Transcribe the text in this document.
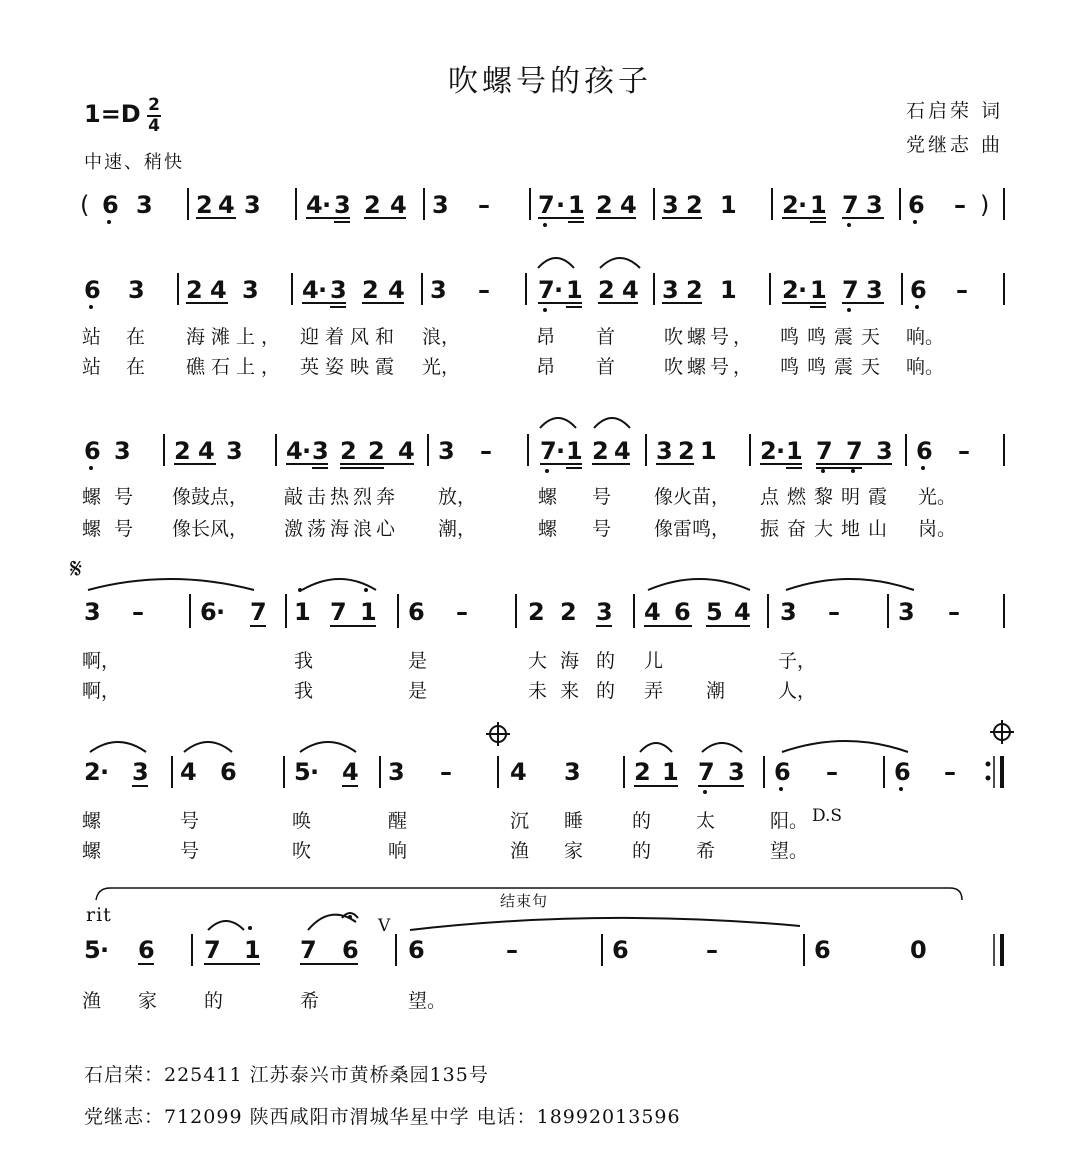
吹螺号的孩子
1=D 2
4
中速、稍快
石启荣 词
党继志 曲
( 6 3 2 4 3 4 · 3 2 4 3 – 7 · 1 2 4 3 2 1 2 · 1 7 3 6 – )
6 3 2 4 3 4 · 3 2 4 3 – 7 · 1 2 4 3 2 1 2 · 1 7 3 6 –
6 3 2 4 3 4 · 3 2 2 4 3 – 7 · 1 2 4 3 2 1 2 · 1 7 7 3 6 –
3 – 6 · 7 1 7 1 6 –	2 2 3 4 6 5 4 3 – 3 –
2 · 3 4 6 5 · 4 3 – 4 3 2 1 7 3 6 – 6 –
5 · 6 7 1 7 6 6	–	6	–	6	0
𝄋
D.S
rit
结束句
V
站 在 海滩上， 迎着风和 浪，	昂 首	吹螺号， 鸣鸣震天 响。
站 在 礁石上， 英姿映霞 光，	昂 首	吹螺号， 鸣鸣震天 响。
螺 号 像鼓点， 敲击热烈奔 放，	螺 号 像火苗， 点燃黎明霞 光。
螺 号 像长风， 激荡海浪心 潮，	螺 号 像雷鸣， 振奋大地山 岗。
啊，	我	是	大 海 的 儿	子，
啊，	我	是	未 来 的 弄 潮	人，
螺	号	唤	醒	沉 睡	的 太	阳。
螺	号	吹	响	渔 家	的 希	望。
渔 家 的	希	望。
石启荣：225411 江苏泰兴市黄桥桑园135号
党继志：712099 陕西咸阳市渭城华星中学 电话：18992013596
